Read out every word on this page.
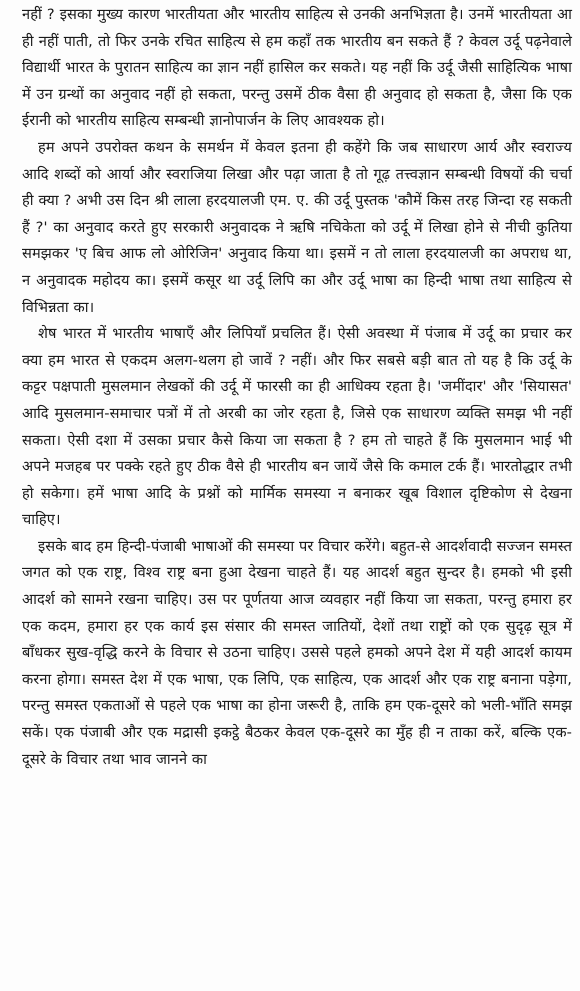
नहीं ? इसका मुख्य कारण भारतीयता और भारतीय साहित्य से उनकी अनभिज्ञता है। उनमें भारतीयता आ ही नहीं पाती, तो फिर उनके रचित साहित्य से हम कहाँ तक भारतीय बन सकते हैं ? केवल उर्दू पढ़नेवाले विद्यार्थी भारत के पुरातन साहित्य का ज्ञान नहीं हासिल कर सकते। यह नहीं कि उर्दू जैसी साहित्यिक भाषा में उन ग्रन्थों का अनुवाद नहीं हो सकता, परन्तु उसमें ठीक वैसा ही अनुवाद हो सकता है, जैसा कि एक ईरानी को भारतीय साहित्य सम्बन्धी ज्ञानोपार्जन के लिए आवश्यक हो।

हम अपने उपरोक्त कथन के समर्थन में केवल इतना ही कहेंगे कि जब साधारण आर्य और स्वराज्य आदि शब्दों को आर्या और स्वराजिया लिखा और पढ़ा जाता है तो गूढ़ तत्त्वज्ञान सम्बन्धी विषयों की चर्चा ही क्या ? अभी उस दिन श्री लाला हरदयालजी एम. ए. की उर्दू पुस्तक 'कौमें किस तरह जिन्दा रह सकती हैं ?' का अनुवाद करते हुए सरकारी अनुवादक ने ऋषि नचिकेता को उर्दू में लिखा होने से नीची कुतिया समझकर 'ए बिच आफ लो ओरिजिन' अनुवाद किया था। इसमें न तो लाला हरदयालजी का अपराध था, न अनुवादक महोदय का। इसमें कसूर था उर्दू लिपि का और उर्दू भाषा का हिन्दी भाषा तथा साहित्य से विभिन्नता का।

शेष भारत में भारतीय भाषाएँ और लिपियाँ प्रचलित हैं। ऐसी अवस्था में पंजाब में उर्दू का प्रचार कर क्या हम भारत से एकदम अलग-थलग हो जावें ? नहीं। और फिर सबसे बड़ी बात तो यह है कि उर्दू के कट्टर पक्षपाती मुसलमान लेखकों की उर्दू में फारसी का ही आधिक्य रहता है। 'जमींदार' और 'सियासत' आदि मुसलमान-समाचार पत्रों में तो अरबी का जोर रहता है, जिसे एक साधारण व्यक्ति समझ भी नहीं सकता। ऐसी दशा में उसका प्रचार कैसे किया जा सकता है ? हम तो चाहते हैं कि मुसलमान भाई भी अपने मजहब पर पक्के रहते हुए ठीक वैसे ही भारतीय बन जायें जैसे कि कमाल टर्क हैं। भारतोद्धार तभी हो सकेगा। हमें भाषा आदि के प्रश्नों को मार्मिक समस्या न बनाकर खूब विशाल दृष्टिकोण से देखना चाहिए।

इसके बाद हम हिन्दी-पंजाबी भाषाओं की समस्या पर विचार करेंगे। बहुत-से आदर्शवादी सज्जन समस्त जगत को एक राष्ट्र, विश्व राष्ट्र बना हुआ देखना चाहते हैं। यह आदर्श बहुत सुन्दर है। हमको भी इसी आदर्श को सामने रखना चाहिए। उस पर पूर्णतया आज व्यवहार नहीं किया जा सकता, परन्तु हमारा हर एक कदम, हमारा हर एक कार्य इस संसार की समस्त जातियों, देशों तथा राष्ट्रों को एक सुदृढ़ सूत्र में बाँधकर सुख-वृद्धि करने के विचार से उठना चाहिए। उससे पहले हमको अपने देश में यही आदर्श कायम करना होगा। समस्त देश में एक भाषा, एक लिपि, एक साहित्य, एक आदर्श और एक राष्ट्र बनाना पड़ेगा, परन्तु समस्त एकताओं से पहले एक भाषा का होना जरूरी है, ताकि हम एक-दूसरे को भली-भाँति समझ सकें। एक पंजाबी और एक मद्रासी इकट्ठे बैठकर केवल एक-दूसरे का मुँह ही न ताका करें, बल्कि एक-दूसरे के विचार तथा भाव जानने का
